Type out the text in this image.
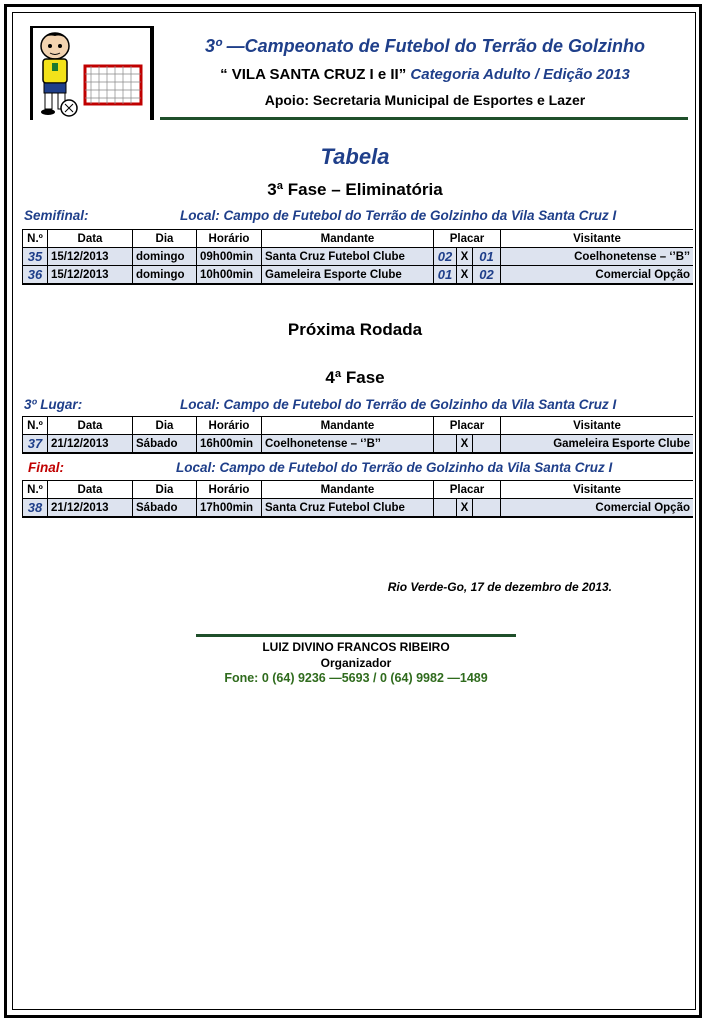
3º —Campeonato de Futebol do Terrão de Golzinho
“ VILA SANTA CRUZ I e II” Categoria Adulto / Edição 2013
Apoio: Secretaria Municipal de Esportes e Lazer
Tabela
3ª Fase – Eliminatória
Semifinal:	Local: Campo de Futebol do Terrão de Golzinho da Vila Santa Cruz I
N.º	Data	Dia	Horário	Mandante	Placar			Visitante
35	15/12/2013	domingo	09h00min	Santa Cruz Futebol Clube	02	X	01	Coelhonetense – ‘’B’’
36	15/12/2013	domingo	10h00min	Gameleira Esporte Clube	01	X	02	Comercial Opção
Próxima Rodada
4ª Fase
3º Lugar:	Local: Campo de Futebol do Terrão de Golzinho da Vila Santa Cruz I
N.º	Data	Dia	Horário	Mandante	Placar			Visitante
37	21/12/2013	Sábado	16h00min	Coelhonetense – ‘’B’’		X		Gameleira Esporte Clube
Final:	Local: Campo de Futebol do Terrão de Golzinho da Vila Santa Cruz I
N.º	Data	Dia	Horário	Mandante	Placar			Visitante
38	21/12/2013	Sábado	17h00min	Santa Cruz Futebol Clube		X		Comercial Opção
Rio Verde-Go, 17 de dezembro de 2013.
LUIZ DIVINO FRANCOS RIBEIRO
Organizador
Fone: 0 (64) 9236 —5693 / 0 (64) 9982 —1489
